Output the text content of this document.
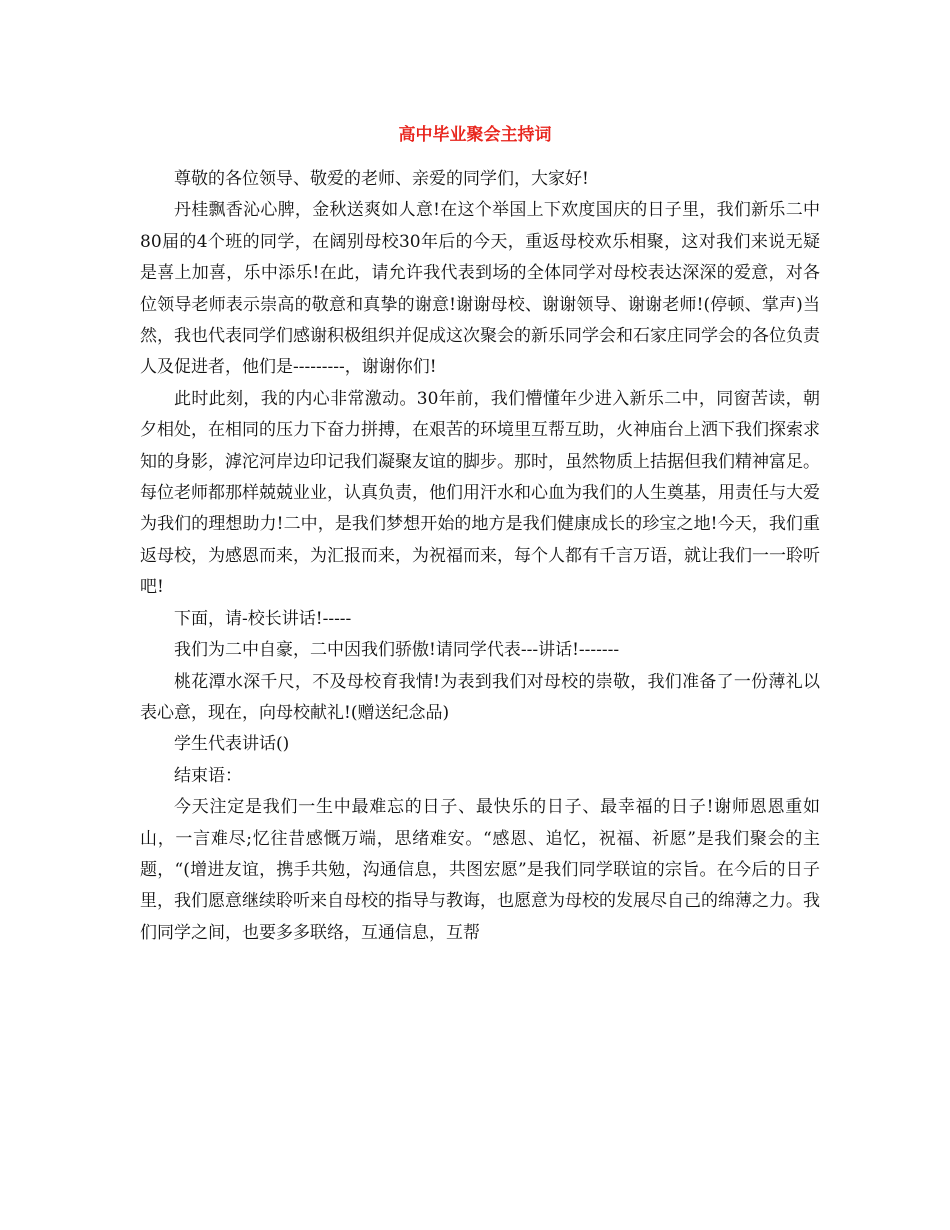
高中毕业聚会主持词

尊敬的各位领导、敬爱的老师、亲爱的同学们，大家好!

丹桂飘香沁心脾，金秋送爽如人意!在这个举国上下欢度国庆的日子里，我们新乐二中80届的4个班的同学，在阔别母校30年后的今天，重返母校欢乐相聚，这对我们来说无疑是喜上加喜，乐中添乐!在此，请允许我代表到场的全体同学对母校表达深深的爱意，对各位领导老师表示崇高的敬意和真挚的谢意!谢谢母校、谢谢领导、谢谢老师!(停顿、掌声)当然，我也代表同学们感谢积极组织并促成这次聚会的新乐同学会和石家庄同学会的各位负责人及促进者，他们是---------，谢谢你们!

此时此刻，我的内心非常激动。30年前，我们懵懂年少进入新乐二中，同窗苦读，朝夕相处，在相同的压力下奋力拼搏，在艰苦的环境里互帮互助，火神庙台上洒下我们探索求知的身影，滹沱河岸边印记我们凝聚友谊的脚步。那时，虽然物质上拮据但我们精神富足。每位老师都那样兢兢业业，认真负责，他们用汗水和心血为我们的人生奠基，用责任与大爱为我们的理想助力!二中，是我们梦想开始的地方是我们健康成长的珍宝之地!今天，我们重返母校，为感恩而来，为汇报而来，为祝福而来，每个人都有千言万语，就让我们一一聆听吧!

下面，请-校长讲话!-----

我们为二中自豪，二中因我们骄傲!请同学代表---讲话!-------

桃花潭水深千尺，不及母校育我情!为表到我们对母校的崇敬，我们准备了一份薄礼以表心意，现在，向母校献礼!(赠送纪念品)

学生代表讲话()

结束语：

今天注定是我们一生中最难忘的日子、最快乐的日子、最幸福的日子!谢师恩恩重如山，一言难尽;忆往昔感慨万端，思绪难安。“感恩、追忆，祝福、祈愿”是我们聚会的主题，“(增进友谊，携手共勉，沟通信息，共图宏愿”是我们同学联谊的宗旨。在今后的日子里，我们愿意继续聆听来自母校的指导与教诲，也愿意为母校的发展尽自己的绵薄之力。我们同学之间，也要多多联络，互通信息，互帮
